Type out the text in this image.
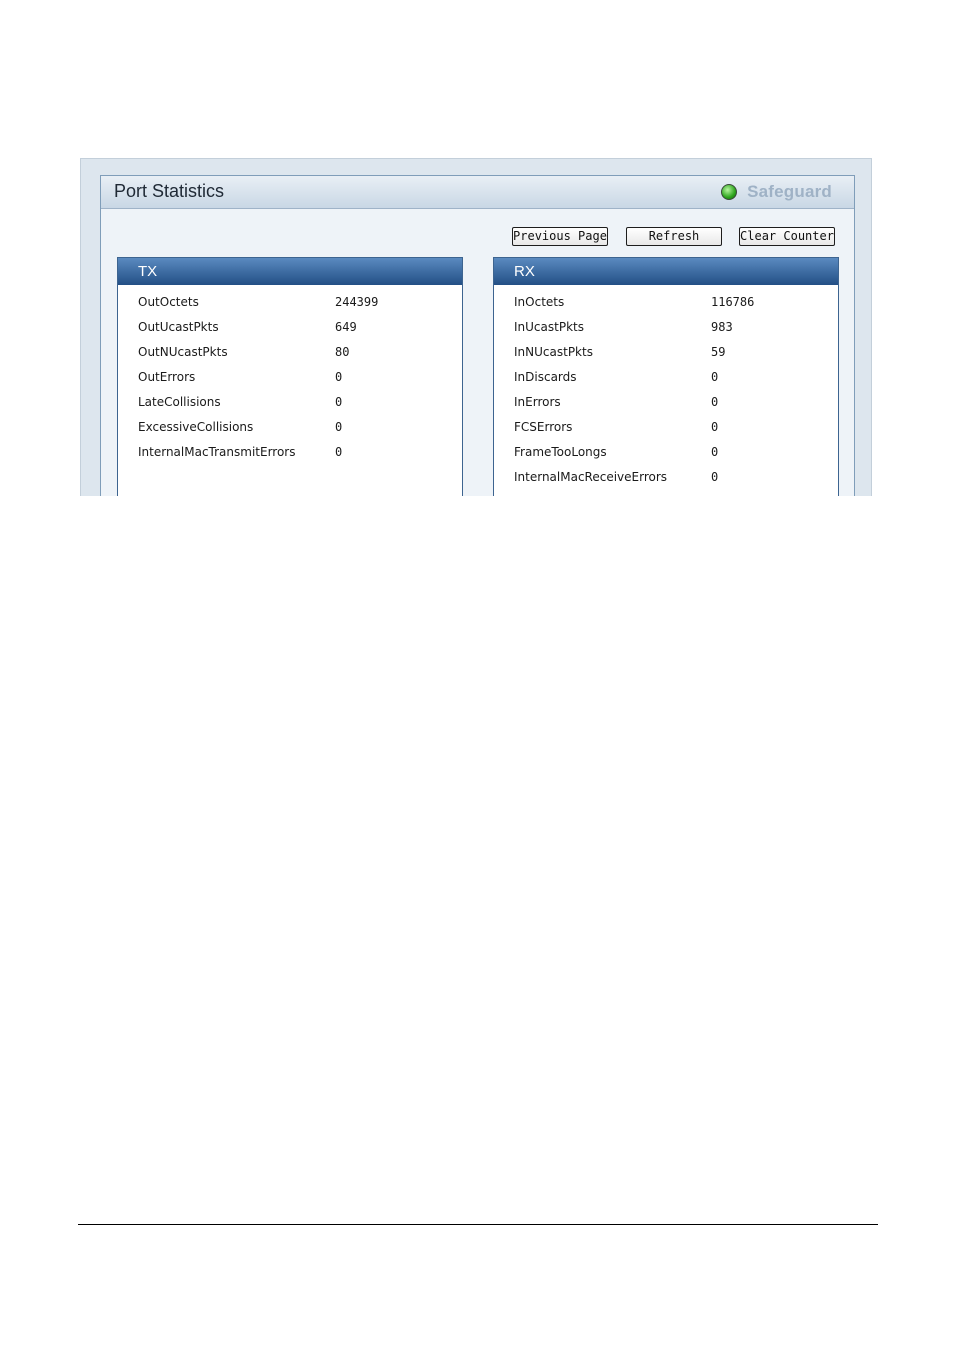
Port Statistics	Safeguard
Previous Page	Refresh	Clear Counter
TX
OutOctets	244399
OutUcastPkts	649
OutNUcastPkts	80
OutErrors	0
LateCollisions	0
ExcessiveCollisions	0
InternalMacTransmitErrors	0
RX
InOctets	116786
InUcastPkts	983
InNUcastPkts	59
InDiscards	0
InErrors	0
FCSErrors	0
FrameTooLongs	0
InternalMacReceiveErrors	0
